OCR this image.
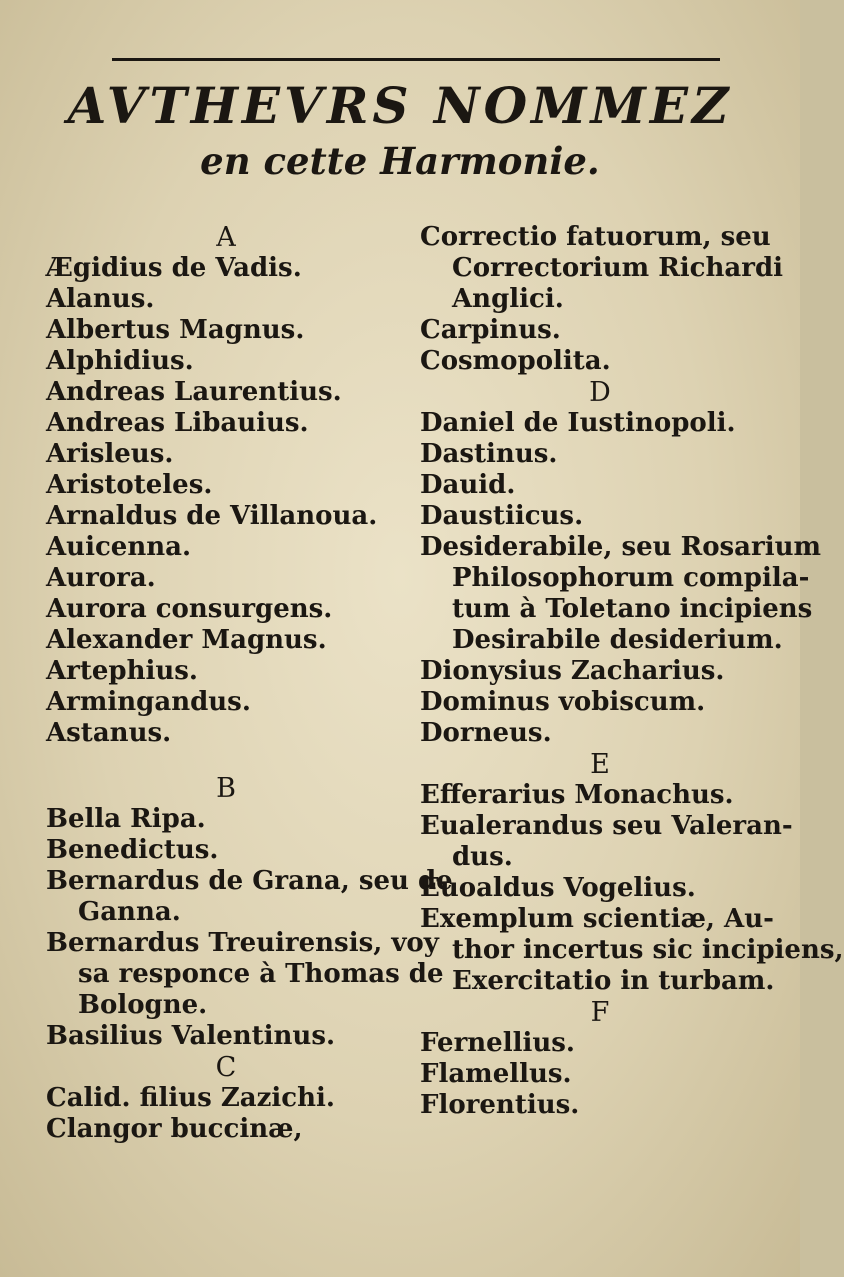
AVTHEVRS NOMMEZ
en cette Harmonie.
A
Ægidius de Vadis.
Alanus.
Albertus Magnus.
Alphidius.
Andreas Laurentius.
Andreas Libauius.
Arisleus.
Aristoteles.
Arnaldus de Villanoua.
Auicenna.
Aurora.
Aurora consurgens.
Alexander Magnus.
Artephius.
Armingandus.
Astanus.
B
Bella Ripa.
Benedictus.
Bernardus de Grana, seu de
Ganna.
Bernardus Treuirensis, voy
sa responce à Thomas de
Bologne.
Basilius Valentinus.
C
Calid. filius Zazichi.
Clangor buccinæ,
Correctio fatuorum, seu
Correctorium Richardi
Anglici.
Carpinus.
Cosmopolita.
D
Daniel de Iustinopoli.
Dastinus.
Dauid.
Daustiicus.
Desiderabile, seu Rosarium
Philosophorum compila-
tum à Toletano incipiens
Desirabile desiderium.
Dionysius Zacharius.
Dominus vobiscum.
Dorneus.
E
Efferarius Monachus.
Eualerandus seu Valeran-
dus.
Euoaldus Vogelius.
Exemplum scientiæ, Au-
thor incertus sic incipiens,
Exercitatio in turbam.
F
Fernellius.
Flamellus.
Florentius.
